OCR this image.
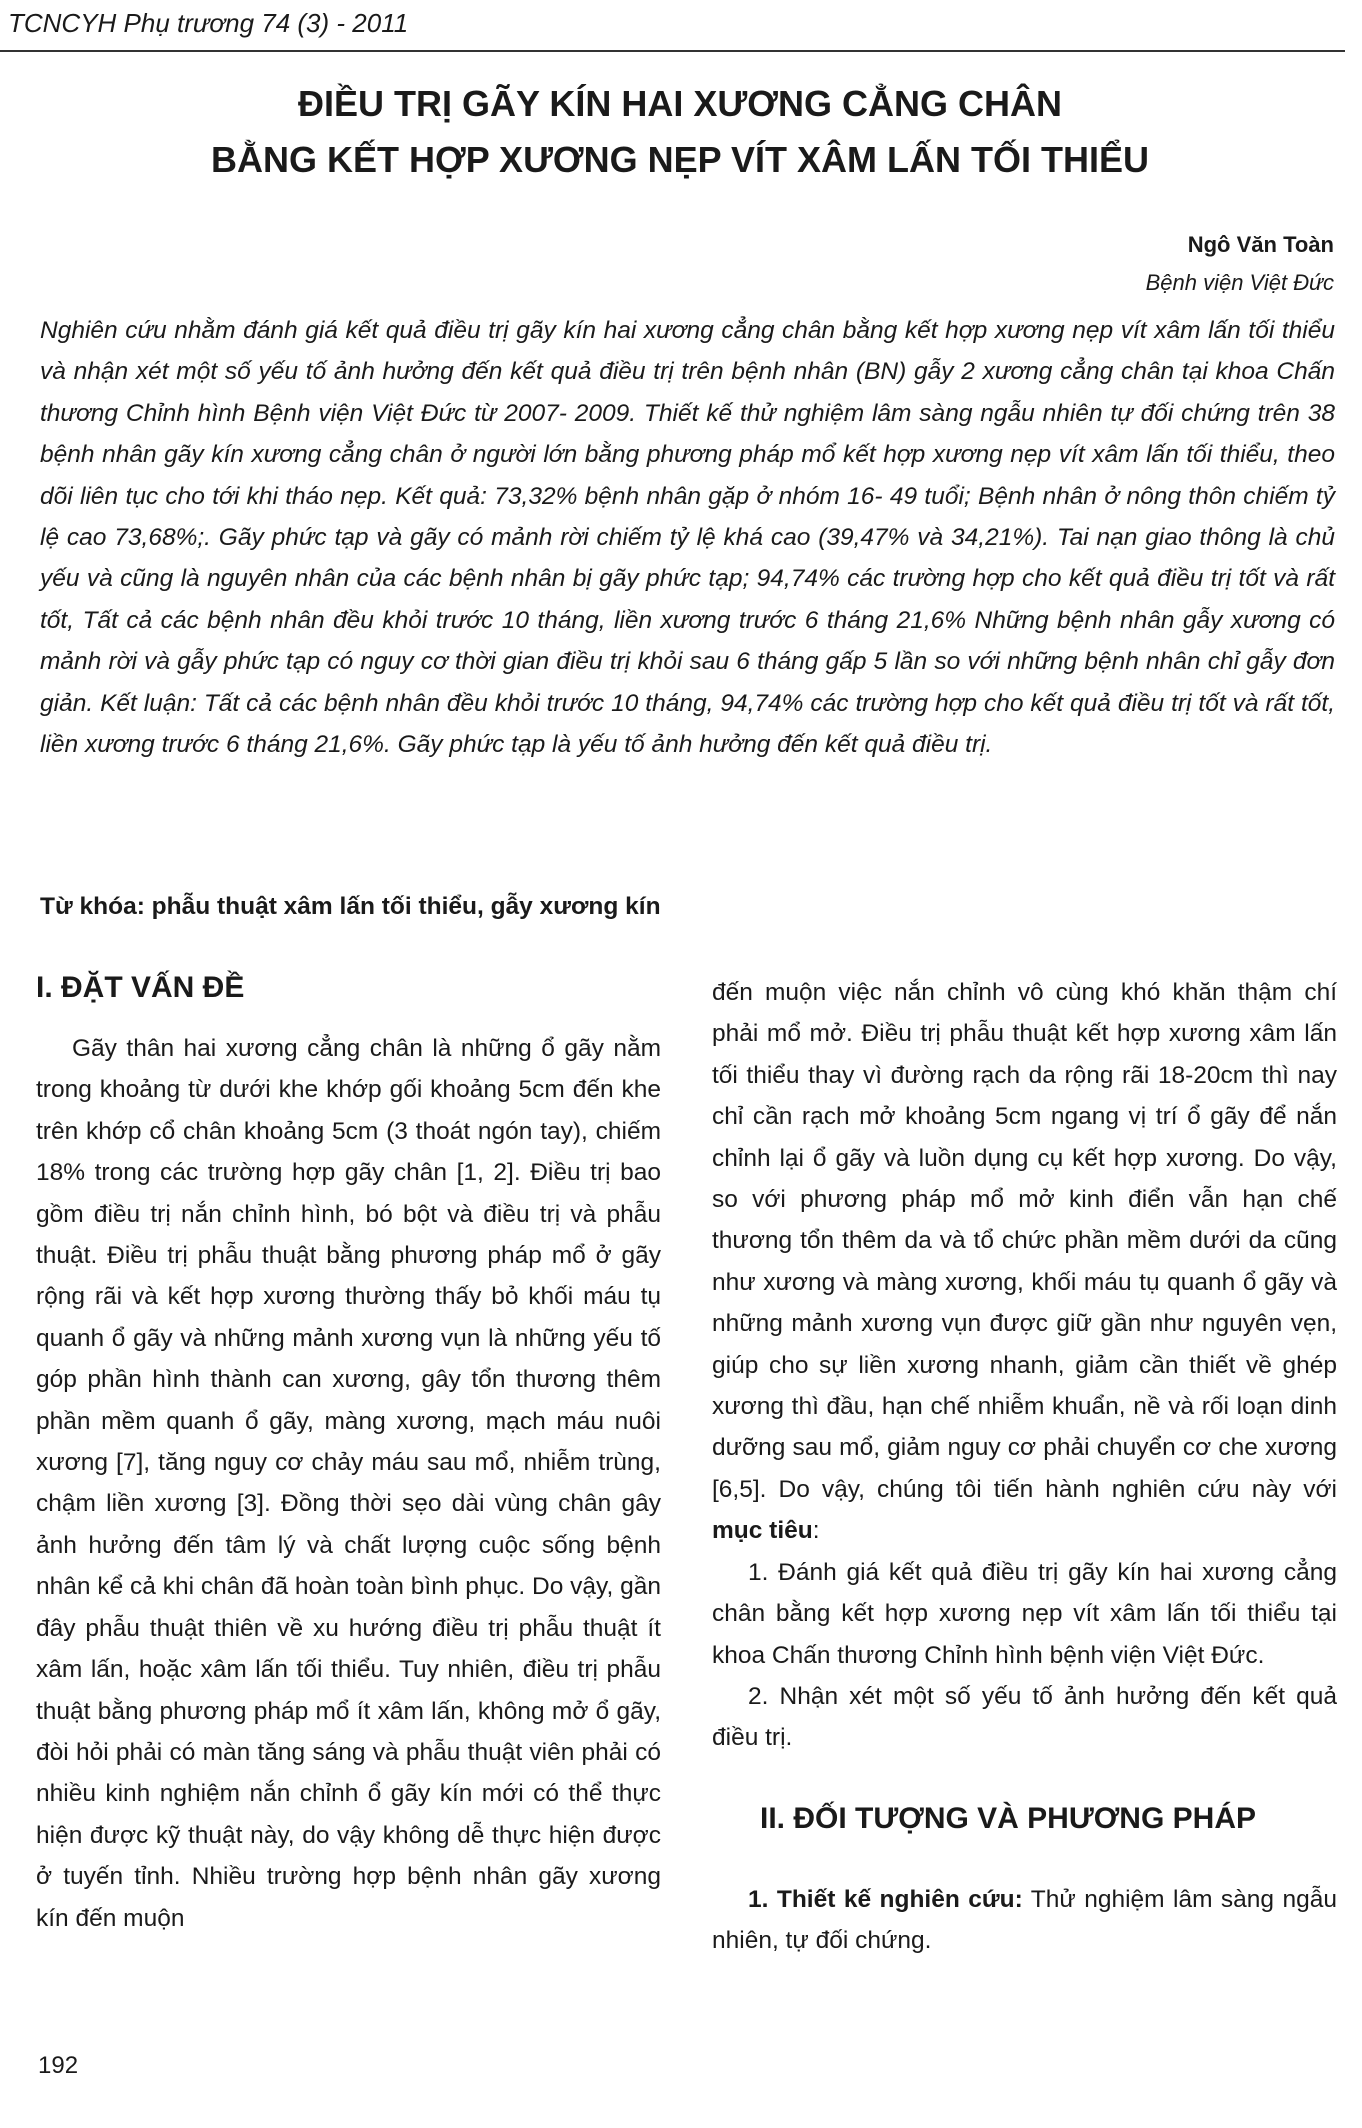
TCNCYH Phụ trương 74 (3) - 2011
ĐIỀU TRỊ GÃY KÍN HAI XƯƠNG CẲNG CHÂN
BẰNG KẾT HỢP XƯƠNG NẸP VÍT XÂM LẤN TỐI THIỂU
Ngô Văn Toàn
Bệnh viện Việt Đức

Nghiên cứu nhằm đánh giá kết quả điều trị gãy kín hai xương cẳng chân bằng kết hợp xương nẹp vít xâm lấn tối thiểu và nhận xét một số yếu tố ảnh hưởng đến kết quả điều trị trên bệnh nhân (BN) gẫy 2 xương cẳng chân tại khoa Chấn thương Chỉnh hình Bệnh viện Việt Đức từ 2007- 2009. Thiết kế thử nghiệm lâm sàng ngẫu nhiên tự đối chứng trên 38 bệnh nhân gãy kín xương cẳng chân ở người lớn bằng phương pháp mổ kết hợp xương nẹp vít xâm lấn tối thiểu, theo dõi liên tục cho tới khi tháo nẹp. Kết quả: 73,32% bệnh nhân gặp ở nhóm 16- 49 tuổi; Bệnh nhân ở nông thôn chiếm tỷ lệ cao 73,68%;. Gãy phức tạp và gãy có mảnh rời chiếm tỷ lệ khá cao (39,47% và 34,21%). Tai nạn giao thông là chủ yếu và cũng là nguyên nhân của các bệnh nhân bị gãy phức tạp; 94,74% các trường hợp cho kết quả điều trị tốt và rất tốt, Tất cả các bệnh nhân đều khỏi trước 10 tháng, liền xương trước 6 tháng 21,6% Những bệnh nhân gẫy xương có mảnh rời và gẫy phức tạp có nguy cơ thời gian điều trị khỏi sau 6 tháng gấp 5 lần so với những bệnh nhân chỉ gẫy đơn giản. Kết luận: Tất cả các bệnh nhân đều khỏi trước 10 tháng, 94,74% các trường hợp cho kết quả điều trị tốt và rất tốt, liền xương trước 6 tháng 21,6%. Gãy phức tạp là yếu tố ảnh hưởng đến kết quả điều trị.

Từ khóa: phẫu thuật xâm lấn tối thiểu, gẫy xương kín
I. ĐẶT VẤN ĐỀ

Gãy thân hai xương cẳng chân là những ổ gãy nằm trong khoảng từ dưới khe khớp gối khoảng 5cm đến khe trên khớp cổ chân khoảng 5cm (3 thoát ngón tay), chiếm 18% trong các trường hợp gãy chân [1, 2]. Điều trị bao gồm điều trị nắn chỉnh hình, bó bột và điều trị và phẫu thuật. Điều trị phẫu thuật bằng phương pháp mổ ở gãy rộng rãi và kết hợp xương thường thấy bỏ khối máu tụ quanh ổ gãy và những mảnh xương vụn là những yếu tố góp phần hình thành can xương, gây tổn thương thêm phần mềm quanh ổ gãy, màng xương, mạch máu nuôi xương [7], tăng nguy cơ chảy máu sau mổ, nhiễm trùng, chậm liền xương [3]. Đồng thời sẹo dài vùng chân gây ảnh hưởng đến tâm lý và chất lượng cuộc sống bệnh nhân kể cả khi chân đã hoàn toàn bình phục. Do vậy, gần đây phẫu thuật thiên về xu hướng điều trị phẫu thuật ít xâm lấn, hoặc xâm lấn tối thiểu. Tuy nhiên, điều trị phẫu thuật bằng phương pháp mổ ít xâm lấn, không mở ổ gãy, đòi hỏi phải có màn tăng sáng và phẫu thuật viên phải có nhiều kinh nghiệm nắn chỉnh ổ gãy kín mới có thể thực hiện được kỹ thuật này, do vậy không dễ thực hiện được ở tuyến tỉnh. Nhiều trường hợp bệnh nhân gãy xương kín đến muộn

đến muộn việc nắn chỉnh vô cùng khó khăn thậm chí phải mổ mở. Điều trị phẫu thuật kết hợp xương xâm lấn tối thiểu thay vì đường rạch da rộng rãi 18-20cm thì nay chỉ cần rạch mở khoảng 5cm ngang vị trí ổ gãy để nắn chỉnh lại ổ gãy và luồn dụng cụ kết hợp xương. Do vậy, so với phương pháp mổ mở kinh điển vẫn hạn chế thương tổn thêm da và tổ chức phần mềm dưới da cũng như xương và màng xương, khối máu tụ quanh ổ gãy và những mảnh xương vụn được giữ gần như nguyên vẹn, giúp cho sự liền xương nhanh, giảm cần thiết về ghép xương thì đầu, hạn chế nhiễm khuẩn, nề và rối loạn dinh dưỡng sau mổ, giảm nguy cơ phải chuyển cơ che xương [6,5]. Do vậy, chúng tôi tiến hành nghiên cứu này với mục tiêu:

1. Đánh giá kết quả điều trị gãy kín hai xương cẳng chân bằng kết hợp xương nẹp vít xâm lấn tối thiểu tại khoa Chấn thương Chỉnh hình bệnh viện Việt Đức.

2. Nhận xét một số yếu tố ảnh hưởng đến kết quả điều trị.

II. ĐỐI TƯỢNG VÀ PHƯƠNG PHÁP

1. Thiết kế nghiên cứu: Thử nghiệm lâm sàng ngẫu nhiên, tự đối chứng.

192
